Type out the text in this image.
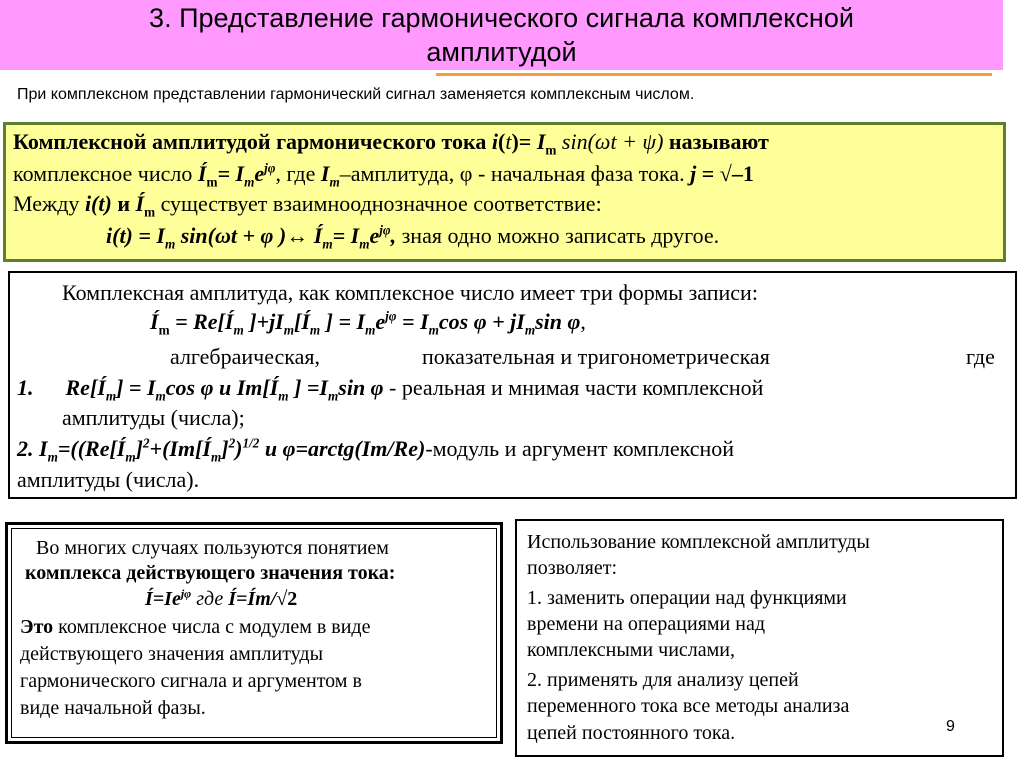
3. Представление гармонического сигнала комплексной
амплитудой
При комплексном представлении гармонический сигнал заменяется комплексным числом.
Комплексной амплитудой гармонического тока $i(t)= I_m$ sin(ωt + ψ) называют
комплексное число $Í_m= I_me^{j\varphi}$, где $I_m$–амплитуда, φ - начальная фаза тока. j = √–1
Между i(t) и $Í_m$ существует взаимнооднозначное соответствие:
$i(t) = I_m$ sin(ωt + φ )↔ $Í_m= I_me^{j\varphi}$, зная одно можно записать другое.
Комплексная амплитуда, как комплексное число имеет три формы записи:
$Í_m$ = $Re[Í_m$ ]$+jI_m[Í_m$ ] = $I_me^{j\varphi} = I_m\cos$ $\varphi + jI_m\sin$ φ,
алгебраическая,	показательная и тригонометрическая	где
1. $Re[Í_m] = I_m\cos$ φ и $Im[Í_m$ ] $=I_m\sin$ φ - реальная и мнимая части комплексной
амплитуды (числа);
2. $I_m=((Re[Í_m]^2+(Im[Í_m]^2)^{1/2}$ и φ=arctg(Im/Re)-модуль и аргумент комплексной
амплитуды (числа).
Во многих случаях пользуются понятием
комплекса действующего значения тока:
$Í=Ie^{j\varphi}$ где Í=Ím/√2
Это комплексное числа с модулем в виде
действующего значения амплитуды
гармонического сигнала и аргументом в
виде начальной фазы.
Использование комплексной амплитуды
позволяет:
1. заменить операции над функциями
времени на операциями над
комплексными числами,
2. применять для анализу цепей
переменного тока все методы анализа
цепей постоянного тока.	9
